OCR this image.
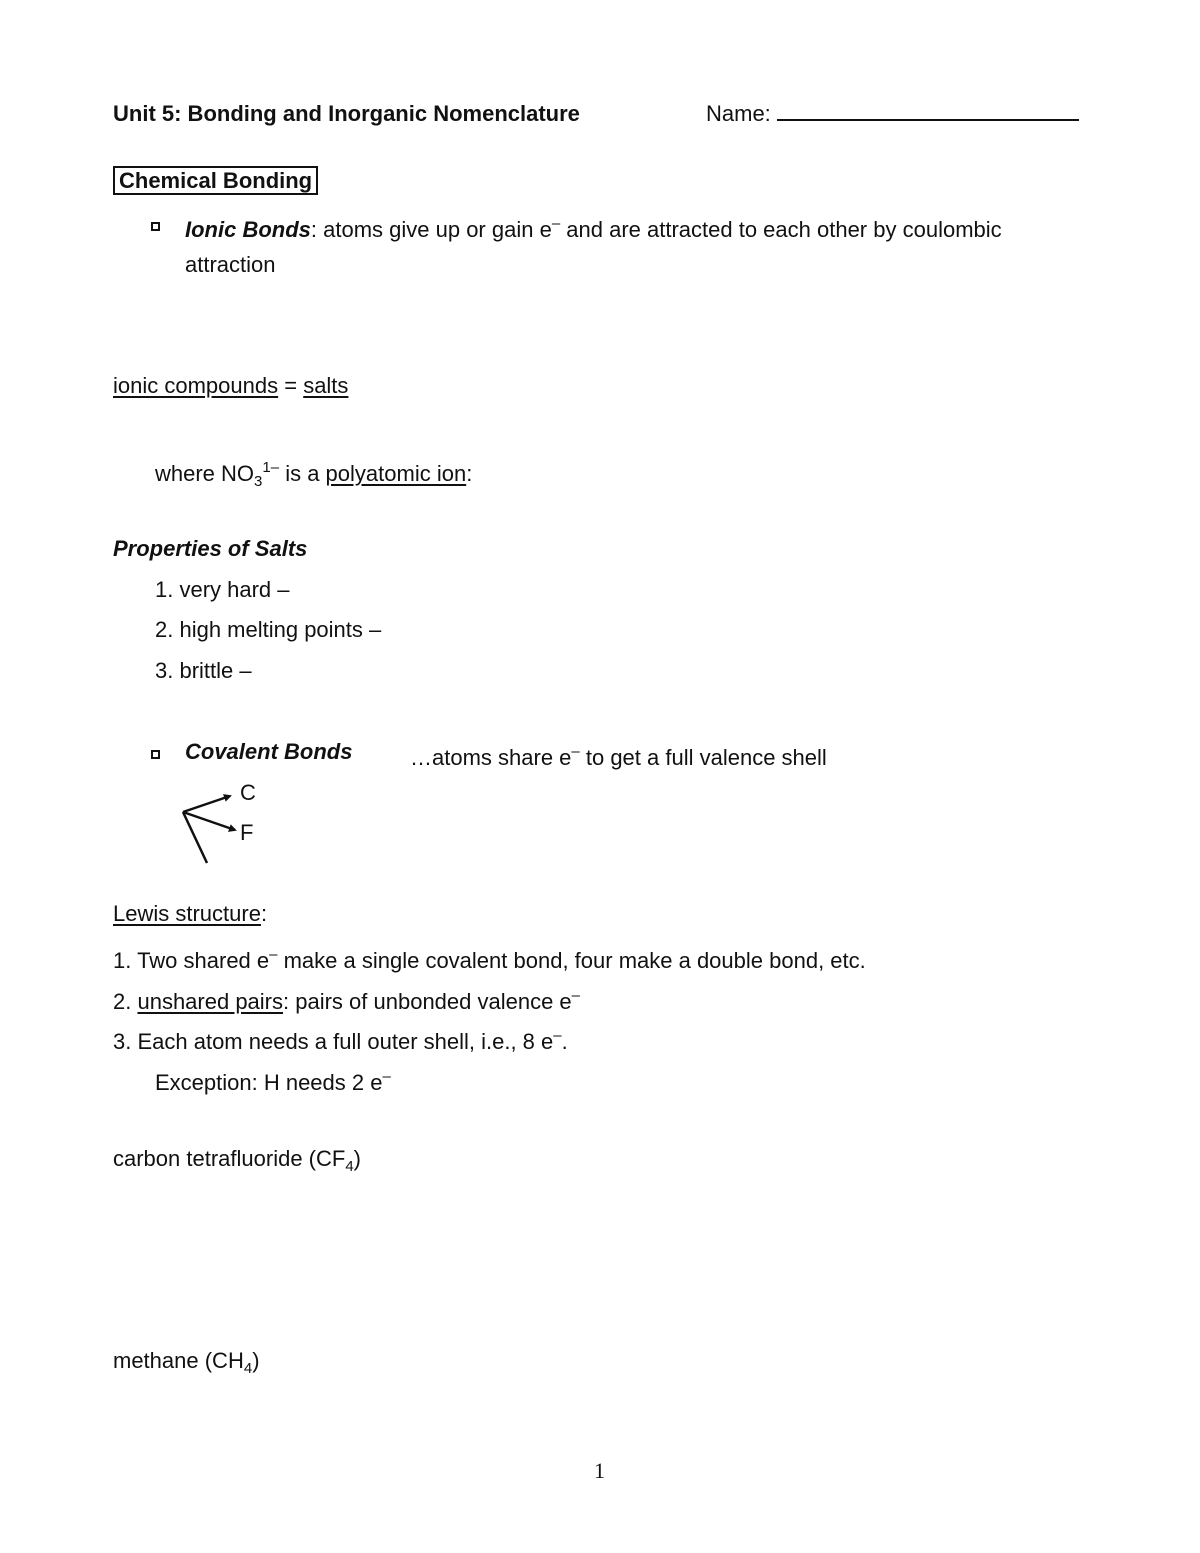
Unit 5: Bonding and Inorganic Nomenclature	Name:
Chemical Bonding
Ionic Bonds: atoms give up or gain e– and are attracted to each other by coulombic
attraction
ionic compounds = salts
where $NO_3^{1-}$ is a polyatomic ion:
Properties of Salts
1. very hard –
2. high melting points –
3. brittle –
Covalent Bonds	…atoms share e– to get a full valence shell
C
F
Lewis structure:
1. Two shared e– make a single covalent bond, four make a double bond, etc.
2. unshared pairs: pairs of unbonded valence e–
3. Each atom needs a full outer shell, i.e., 8 e–.
Exception: H needs 2 e–
carbon tetrafluoride $(CF_4)$
methane $(CH_4)$
1
